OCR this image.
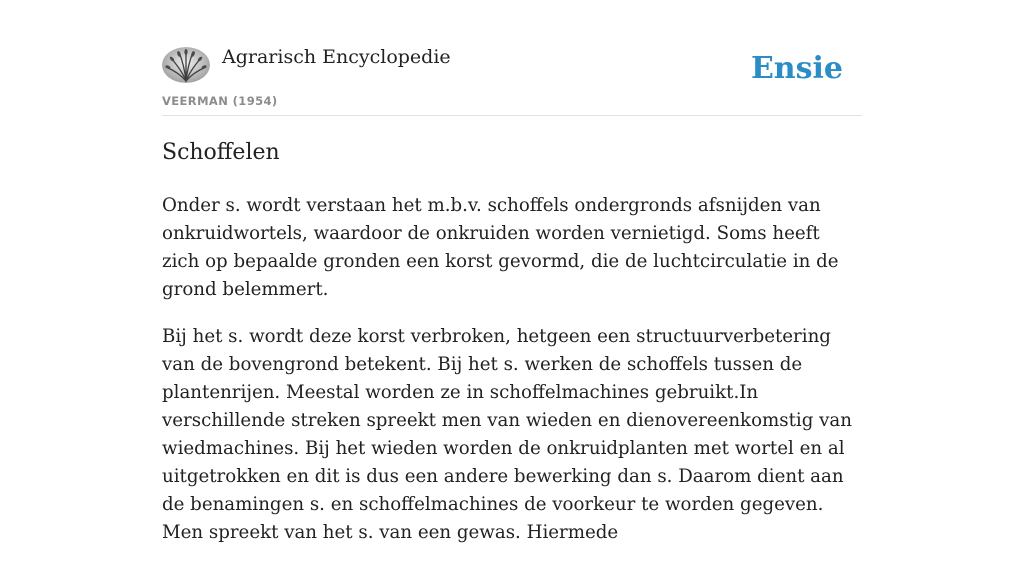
Agrarisch Encyclopedie
VEERMAN (1954)
Ensie
Schoffelen

Onder s. wordt verstaan het m.b.v. schoffels ondergronds afsnijden van onkruidwortels, waardoor de onkruiden worden vernietigd. Soms heeft zich op bepaalde gronden een korst gevormd, die de luchtcirculatie in de grond belemmert.

Bij het s. wordt deze korst verbroken, hetgeen een structuurverbetering van de bovengrond betekent. Bij het s. werken de schoffels tussen de plantenrijen. Meestal worden ze in schoffelmachines gebruikt.In verschillende streken spreekt men van wieden en dienovereenkomstig van wiedmachines. Bij het wieden worden de onkruidplanten met wortel en al uitgetrokken en dit is dus een andere bewerking dan s. Daarom dient aan de benamingen s. en schoffelmachines de voorkeur te worden gegeven. Men spreekt van het s. van een gewas. Hiermede
